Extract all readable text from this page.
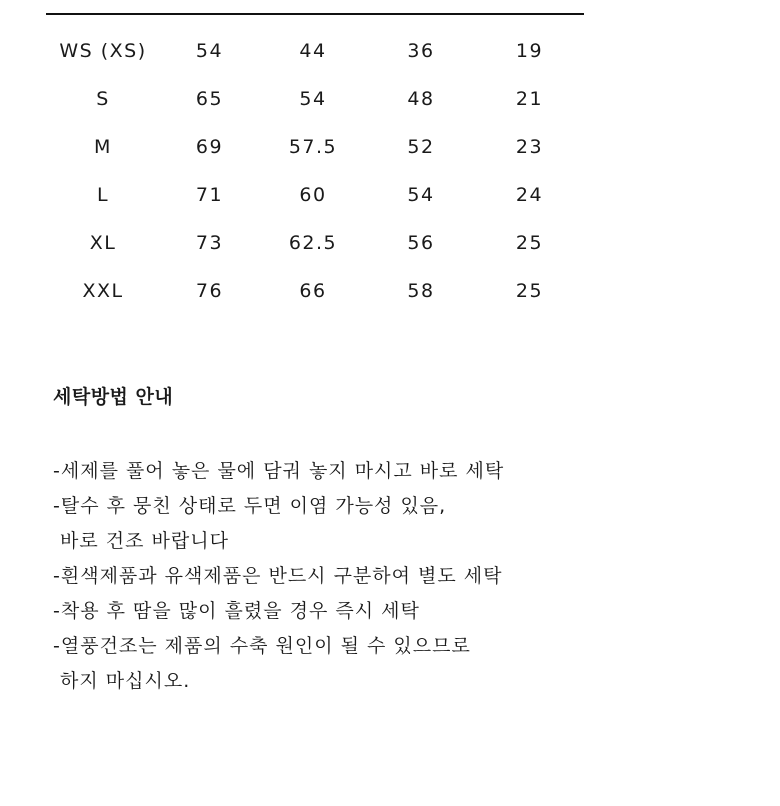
WS (XS)	54	44	36	19
S	65	54	48	21
M	69	57.5	52	23
L	71	60	54	24
XL	73	62.5	56	25
XXL	76	66	58	25
세탁방법 안내
-세제를 풀어 놓은 물에 담궈 놓지 마시고 바로 세탁
-탈수 후 뭉친 상태로 두면 이염 가능성 있음,
바로 건조 바랍니다
-흰색제품과 유색제품은 반드시 구분하여 별도 세탁
-착용 후 땀을 많이 흘렸을 경우 즉시 세탁
-열풍건조는 제품의 수축 원인이 될 수 있으므로
하지 마십시오.
